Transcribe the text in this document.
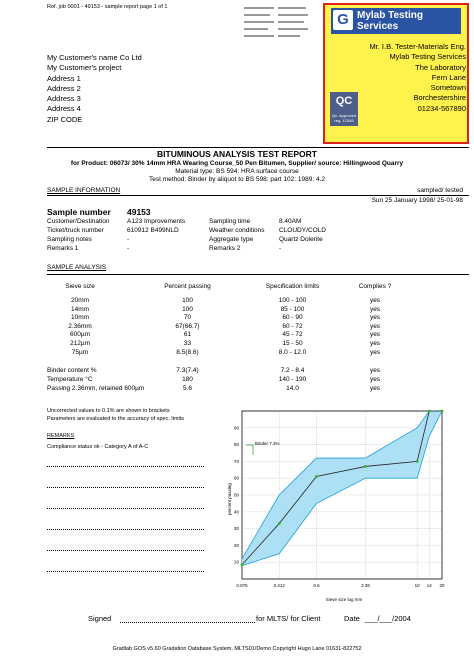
Ref. job 0001 - 49153 - sample report page 1 of 1
G Mylab Testing Services
Mr. I.B. Tester-Materials Eng.
Mylab Testing Services
The Laboratory
Fern Lane
Sometown
Borchestershire
01234-567890
QC
Qc. Approved reg. 12345
My Customer's name Co Ltd
My Customer's project
Address 1
Address 2
Address 3
Address 4
ZIP CODE
BITUMINOUS ANALYSIS TEST REPORT
for Product: 06073/ 30% 14mm HRA Wearing Course_50 Pen Bitumen, Supplier/ source: Hillingwood Quarry
Material type: BS 594: HRA surface course
Test method: Binder by aliquot to BS 598: part 102: 1989: 4.2
SAMPLE INFORMATION	sampled/ tested
Sun 25 January 1998/ 25-01-98
Sample number 49153
Customer/Destination	A123 Improvements	Sampling time	8.40AM
Ticket/truck number	610912 B499NLD	Weather conditions CLOUDY/COLD
Sampling notes	-	Aggregate type	Quartz Dolerite
Remarks 1	-	Remarks 2	-
SAMPLE ANALYSIS
Sieve size	Percent passing	Specification limits	Complies ?
20mm	100	100 - 100	yes
14mm	100	85 - 100	yes
10mm	70	60 - 90	yes
2.36mm	67(66.7)	60 - 72	yes
600µm	61	45 - 72	yes
212µm	33	15 - 50	yes
75µm	8.5(8.6)	8.0 - 12.0	yes
Binder content %	7.3(7.4)	7.2 - 8.4	yes
Temperature °C	180	140 - 190	yes
Passing 2.36mm, retained 600µm	5.6	14.0	yes
Uncorrected values to 0.1% are shown in brackets
Parameters are evaluated to the accuracy of spec. limits
REMARKS
Compliance status ok - Category A of A-C
10
20
30
40
50
60
70
80
90
0.075	0.212	0.6	2.36	10 14 20
percent passing
Sieve size log mm
Binder 7.3%
Signed	for MLTS/ for Client	Date ___/___/2004
Gradlab GOS v5.60 Gradation Database System. MLTS01/Demo Copyright Hugo Lane 01631-822752
